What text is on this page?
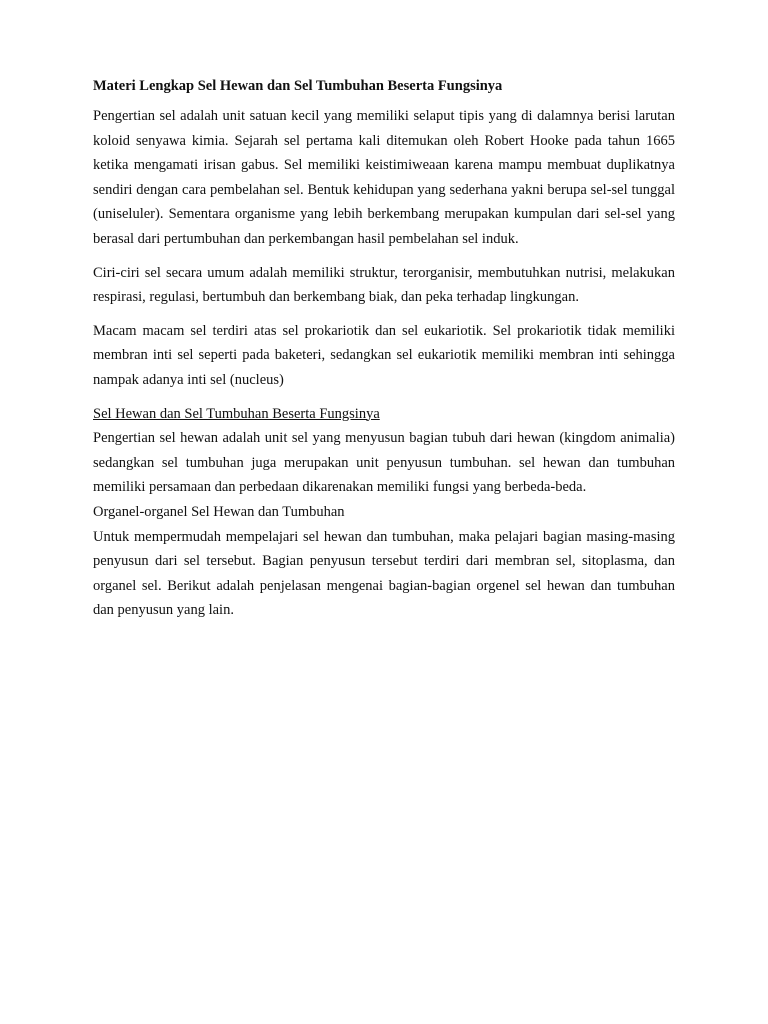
Materi Lengkap Sel Hewan dan Sel Tumbuhan Beserta Fungsinya

Pengertian sel adalah unit satuan kecil yang memiliki selaput tipis yang di dalamnya berisi larutan koloid senyawa kimia. Sejarah sel pertama kali ditemukan oleh Robert Hooke pada tahun 1665 ketika mengamati irisan gabus. Sel memiliki keistimiweaan karena mampu membuat duplikatnya sendiri dengan cara pembelahan sel. Bentuk kehidupan yang sederhana yakni berupa sel-sel tunggal (uniseluler). Sementara organisme yang lebih berkembang merupakan kumpulan dari sel-sel yang berasal dari pertumbuhan dan perkembangan hasil pembelahan sel induk.

Ciri-ciri sel secara umum adalah memiliki struktur, terorganisir, membutuhkan nutrisi, melakukan respirasi, regulasi, bertumbuh dan berkembang biak, dan peka terhadap lingkungan.

Macam macam sel terdiri atas sel prokariotik dan sel eukariotik. Sel prokariotik tidak memiliki membran inti sel seperti pada baketeri, sedangkan sel eukariotik memiliki membran inti sehingga nampak adanya inti sel (nucleus)

Sel Hewan dan Sel Tumbuhan Beserta Fungsinya

Pengertian sel hewan adalah unit sel yang menyusun bagian tubuh dari hewan (kingdom animalia) sedangkan sel tumbuhan juga merupakan unit penyusun tumbuhan. sel hewan dan tumbuhan memiliki persamaan dan perbedaan dikarenakan memiliki fungsi yang berbeda-beda.

Organel-organel Sel Hewan dan Tumbuhan

Untuk mempermudah mempelajari sel hewan dan tumbuhan, maka pelajari bagian masing-masing penyusun dari sel tersebut. Bagian penyusun tersebut terdiri dari membran sel, sitoplasma, dan organel sel. Berikut adalah penjelasan mengenai bagian-bagian orgenel sel hewan dan tumbuhan dan penyusun yang lain.
